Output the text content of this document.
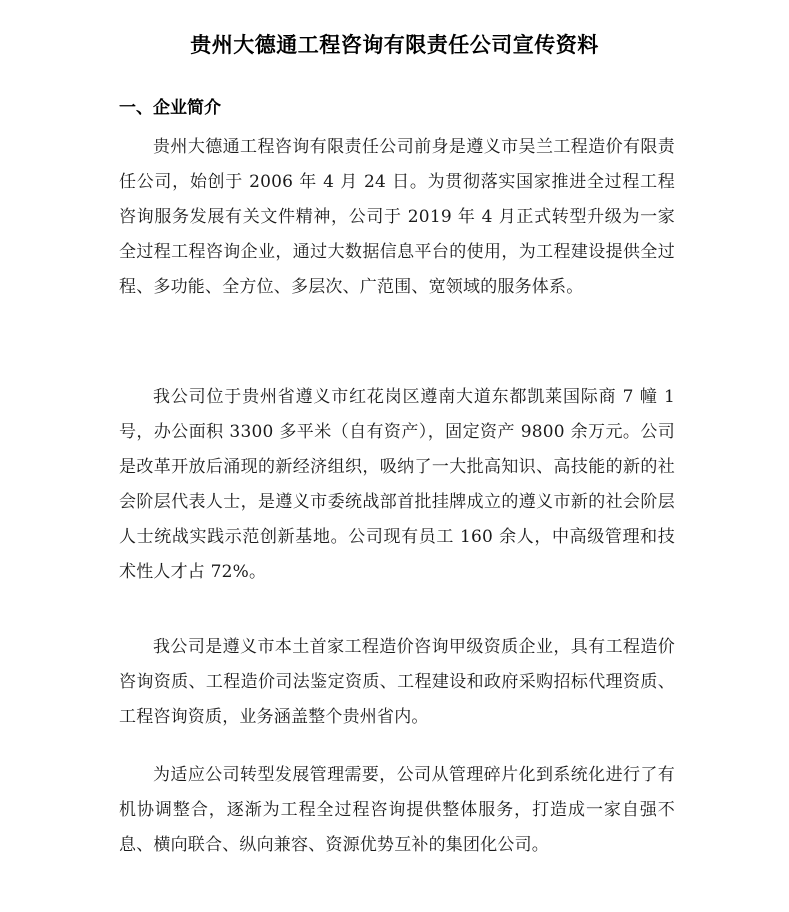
贵州大德通工程咨询有限责任公司宣传资料
一、企业简介

贵州大德通工程咨询有限责任公司前身是遵义市吴兰工程造价有限责任公司，始创于 2006 年 4 月 24 日。为贯彻落实国家推进全过程工程咨询服务发展有关文件精神，公司于 2019 年 4 月正式转型升级为一家全过程工程咨询企业，通过大数据信息平台的使用，为工程建设提供全过程、多功能、全方位、多层次、广范围、宽领域的服务体系。

我公司位于贵州省遵义市红花岗区遵南大道东都凯莱国际商 7 幢 1 号，办公面积 3300 多平米（自有资产），固定资产 9800 余万元。公司是改革开放后涌现的新经济组织，吸纳了一大批高知识、高技能的新的社会阶层代表人士，是遵义市委统战部首批挂牌成立的遵义市新的社会阶层人士统战实践示范创新基地。公司现有员工 160 余人，中高级管理和技术性人才占 72%。

我公司是遵义市本土首家工程造价咨询甲级资质企业，具有工程造价咨询资质、工程造价司法鉴定资质、工程建设和政府采购招标代理资质、工程咨询资质，业务涵盖整个贵州省内。

为适应公司转型发展管理需要，公司从管理碎片化到系统化进行了有机协调整合，逐渐为工程全过程咨询提供整体服务，打造成一家自强不息、横向联合、纵向兼容、资源优势互补的集团化公司。
